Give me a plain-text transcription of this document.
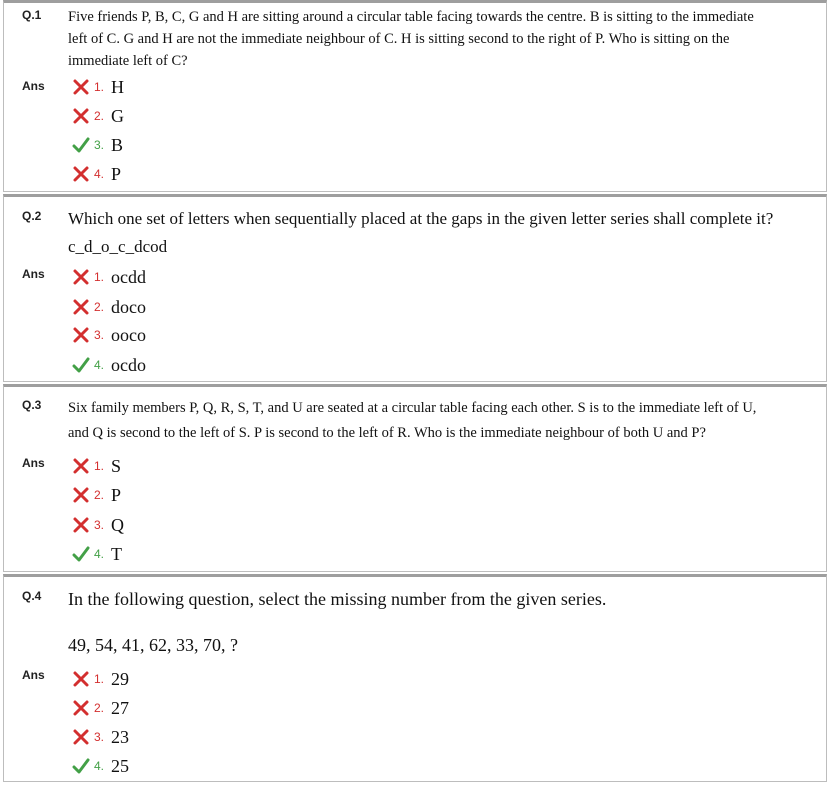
Q.1 Five friends P, B, C, G and H are sitting around a circular table facing towards the centre. B is sitting to the immediate

left of C. G and H are not the immediate neighbour of C. H is sitting second to the right of P. Who is sitting on the

immediate left of C?

Ans	1. H
2. G
3. B
4. P
Q.2 Which one set of letters when sequentially placed at the gaps in the given letter series shall complete it?

c_d_o_c_dcod

Ans	1. ocdd
2. doco
3. ooco
4. ocdo
Q.3 Six family members P, Q, R, S, T, and U are seated at a circular table facing each other. S is to the immediate left of U,

and Q is second to the left of S. P is second to the left of R. Who is the immediate neighbour of both U and P?

Ans	1. S
2. P
3. Q
4. T
Q.4 In the following question, select the missing number from the given series.

49, 54, 41, 62, 33, 70, ?

Ans	1. 29
2. 27
3. 23
4. 25
